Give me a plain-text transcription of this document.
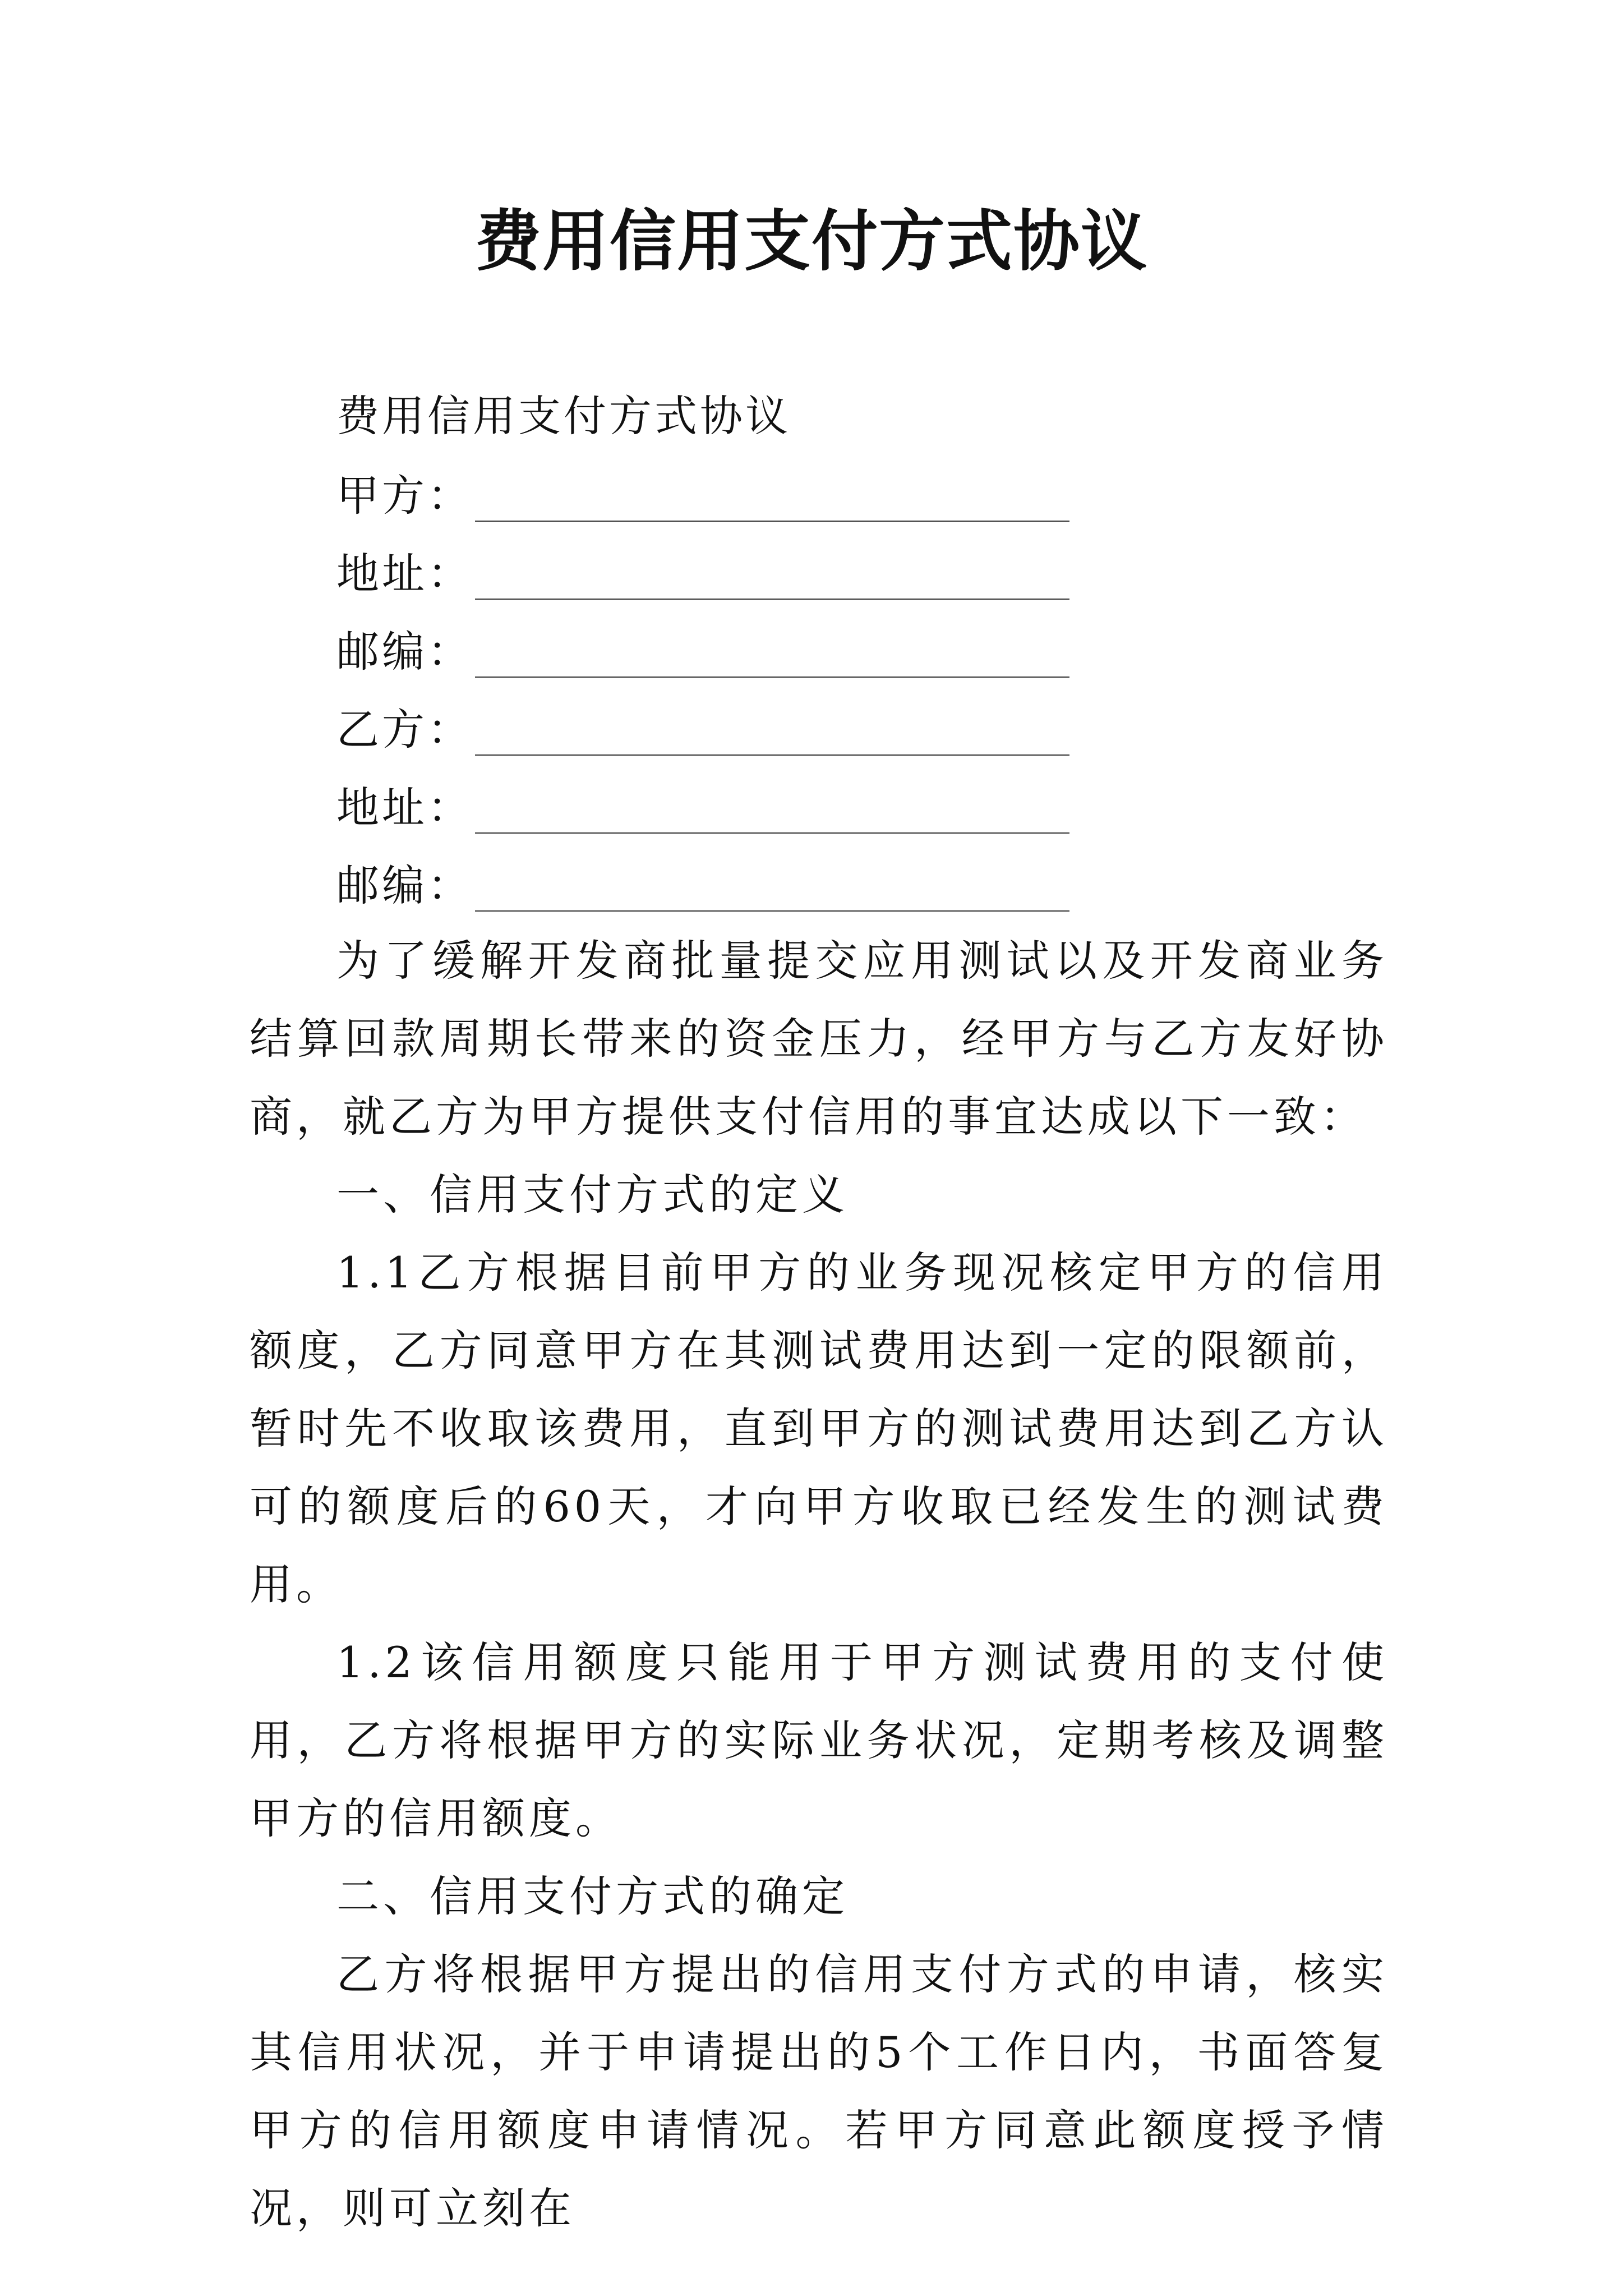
费用信用支付方式协议
费用信用支付方式协议
甲方：
地址：
邮编：
乙方：
地址：
邮编：

为了缓解开发商批量提交应用测试以及开发商业务结算回款周期长带来的资金压力，经甲方与乙方友好协商，就乙方为甲方提供支付信用的事宜达成以下一致：

一、信用支付方式的定义

1.1乙方根据目前甲方的业务现况核定甲方的信用额度，乙方同意甲方在其测试费用达到一定的限额前，暂时先不收取该费用，直到甲方的测试费用达到乙方认可的额度后的60天，才向甲方收取已经发生的测试费用。

1.2该信用额度只能用于甲方测试费用的支付使用，乙方将根据甲方的实际业务状况，定期考核及调整甲方的信用额度。

二、信用支付方式的确定

乙方将根据甲方提出的信用支付方式的申请，核实其信用状况，并于申请提出的5个工作日内，书面答复甲方的信用额度申请情况。若甲方同意此额度授予情况，则可立刻在
